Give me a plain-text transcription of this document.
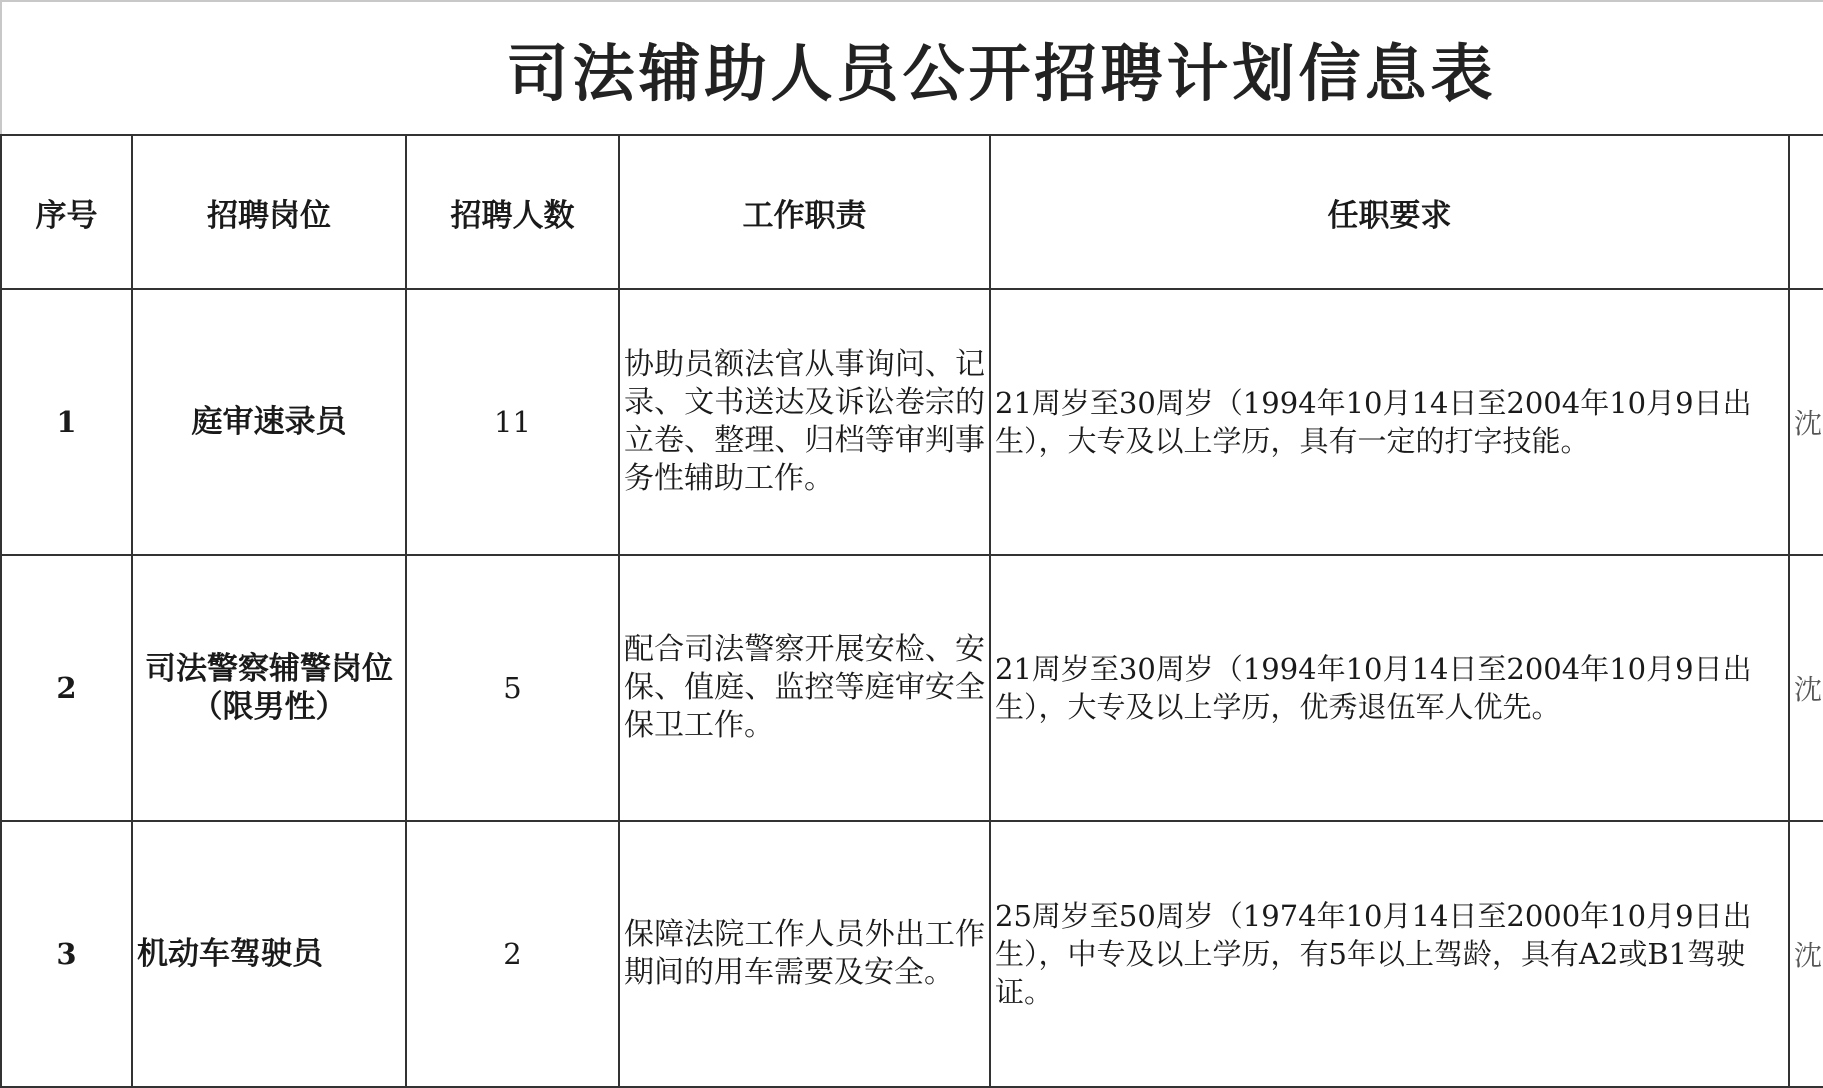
司法辅助人员公开招聘计划信息表
序号	招聘岗位	招聘人数	工作职责	任职要求	
1	庭审速录员	11	协助员额法官从事询问、记录、文书送达及诉讼卷宗的立卷、整理、归档等审判事务性辅助工作。	21周岁至30周岁（1994年10月14日至2004年10月9日出生），大专及以上学历，具有一定的打字技能。	沈
2	司法警察辅警岗位（限男性）	5	配合司法警察开展安检、安保、值庭、监控等庭审安全保卫工作。	21周岁至30周岁（1994年10月14日至2004年10月9日出生），大专及以上学历，优秀退伍军人优先。	沈
3	机动车驾驶员	2	保障法院工作人员外出工作期间的用车需要及安全。	25周岁至50周岁（1974年10月14日至2000年10月9日出生），中专及以上学历，有5年以上驾龄，具有A2或B1驾驶证。	沈
